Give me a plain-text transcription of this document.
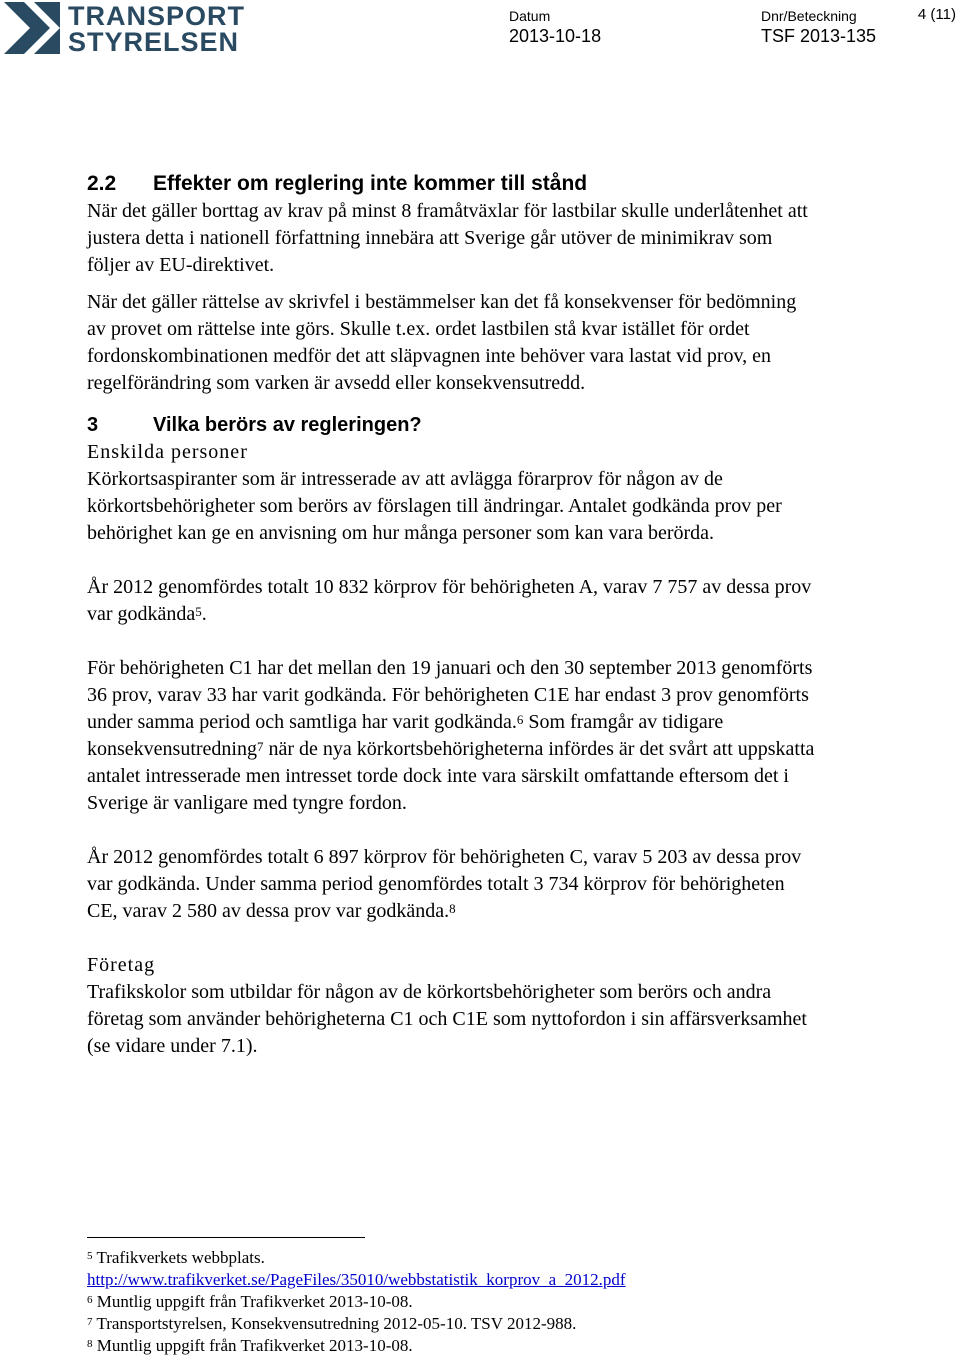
TRANSPORT
STYRELSEN
Datum
2013-10-18
Dnr/Beteckning
TSF 2013-135
4 (11)
2.2 Effekter om reglering inte kommer till stånd

När det gäller borttag av krav på minst 8 framåtväxlar för lastbilar skulle underlåtenhet att justera detta i nationell författning innebära att Sverige går utöver de minimikrav som följer av EU-direktivet.

När det gäller rättelse av skrivfel i bestämmelser kan det få konsekvenser för bedömning av provet om rättelse inte görs. Skulle t.ex. ordet lastbilen stå kvar istället för ordet fordonskombinationen medför det att släpvagnen inte behöver vara lastat vid prov, en regelförändring som varken är avsedd eller konsekvensutredd.

3	Vilka berörs av regleringen?
Enskilda personer

Körkortsaspiranter som är intresserade av att avlägga förarprov för någon av de körkortsbehörigheter som berörs av förslagen till ändringar. Antalet godkända prov per behörighet kan ge en anvisning om hur många personer som kan vara berörda.

År 2012 genomfördes totalt 10 832 körprov för behörigheten A, varav 7 757 av dessa prov var godkända$^5$.

För behörigheten C1 har det mellan den 19 januari och den 30 september 2013 genomförts 36 prov, varav 33 har varit godkända. För behörigheten C1E har endast 3 prov genomförts under samma period och samtliga har varit godkända.$^6$ Som framgår av tidigare konsekvensutredning$^7$ när de nya körkortsbehörigheterna infördes är det svårt att uppskatta antalet intresserade men intresset torde dock inte vara särskilt omfattande eftersom det i Sverige är vanligare med tyngre fordon.

År 2012 genomfördes totalt 6 897 körprov för behörigheten C, varav 5 203 av dessa prov var godkända. Under samma period genomfördes totalt 3 734 körprov för behörigheten CE, varav 2 580 av dessa prov var godkända.$^8$

Företag

Trafikskolor som utbildar för någon av de körkortsbehörigheter som berörs och andra företag som använder behörigheterna C1 och C1E som nyttofordon i sin affärsverksamhet (se vidare under 7.1).

$^5$ Trafikverkets webbplats.

http://www.trafikverket.se/PageFiles/35010/webbstatistik_korprov_a_2012.pdf

$^6$ Muntlig uppgift från Trafikverket 2013-10-08.

$^7$ Transportstyrelsen, Konsekvensutredning 2012-05-10. TSV 2012-988.

$^8$ Muntlig uppgift från Trafikverket 2013-10-08.
